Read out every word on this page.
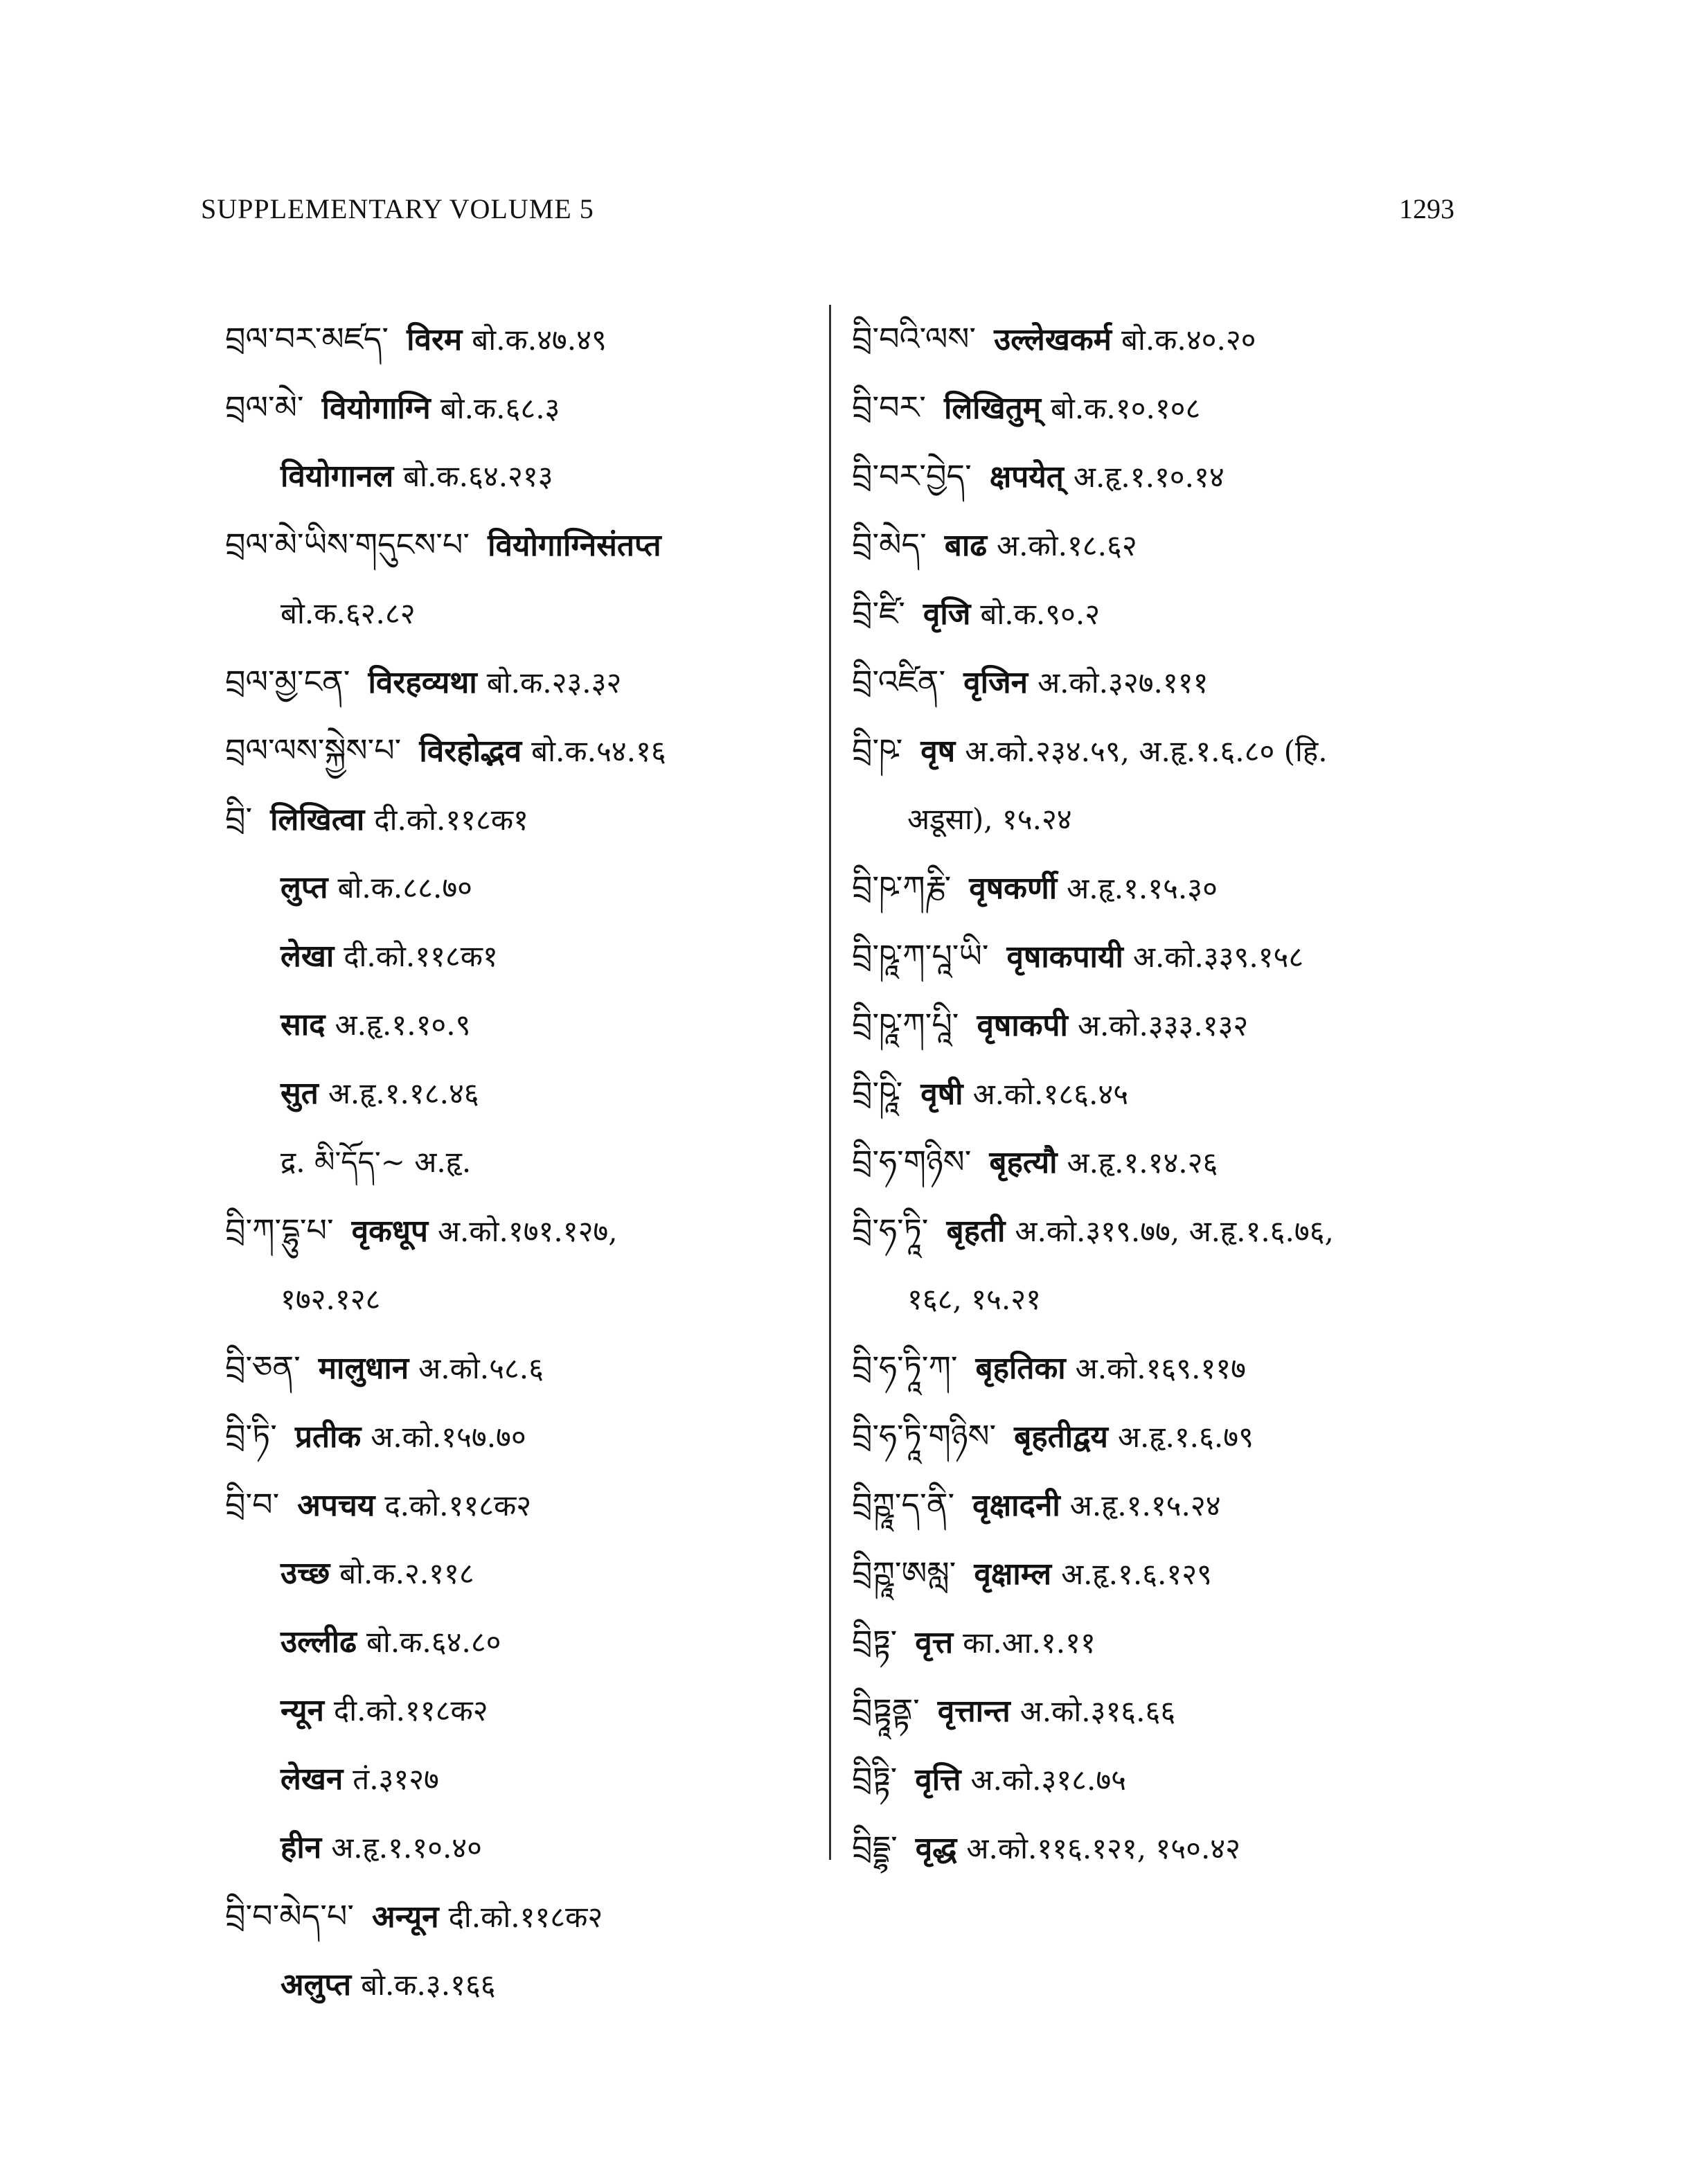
SUPPLEMENTARY VOLUME 5	1293
བྲལ་བར་མཛད་ विरम बो.क.४७.४९
བྲལ་མེ་ वियोगाग्नि बो.क.६८.३
वियोगानल बो.क.६४.२१३
བྲལ་མེ་ཡིས་གདུངས་པ་ वियोगाग्निसंतप्त
बो.क.६२.८२
བྲལ་མྱ་ངན་ विरहव्यथा बो.क.२३.३२
བྲལ་ལས་སྐྱེས་པ་ विरहोद्भव बो.क.५४.१६
བྲི་ लिखित्वा दी.को.११८क१
लुप्त बो.क.८८.७०
लेखा दी.को.११८क१
साद अ.हृ.१.१०.९
सुत अ.हृ.१.१८.४६
द्र. མི་དོད་~ अ.हृ.
བྲི་ཀ་དྷུ་པ་ वृकधूप अ.को.१७१.१२७,
१७२.१२८
བྲི་ཅན་ मालुधान अ.को.५८.६
བྲི་ཏི་ प्रतीक अ.को.१५७.७०
བྲི་བ་ अपचय द.को.११८क२
उच्छ बो.क.२.११८
उल्लीढ बो.क.६४.८०
न्यून दी.को.११८क२
लेखन तं.३१२७
हीन अ.हृ.१.१०.४०
བྲི་བ་མེད་པ་ अन्यून दी.को.११८क२
अलुप्त बो.क.३.१६६
བྲི་བའི་ལས་ उल्लेखकर्म बो.क.४०.२०
བྲི་བར་ लिखितुम् बो.क.१०.१०८
བྲི་བར་བྱེད་ क्षपयेत् अ.हृ.१.१०.१४
བྲི་མེད་ बाढ अ.को.१८.६२
བྲི་ཛི་ वृजि बो.क.९०.२
བྲི་འཛིན་ वृजिन अ.को.३२७.१११
བྲི་ཥ་ वृष अ.को.२३४.५९, अ.हृ.१.६.८० (हि.
अडूसा), १५.२४
བྲི་ཥ་ཀརྞི་ वृषकर्णी अ.हृ.१.१५.३०
བྲི་ཥཱ་ཀ་པཱ་ཡི་ वृषाकपायी अ.को.३३९.१५८
བྲི་ཥཱ་ཀ་པཱི་ वृषाकपी अ.को.३३३.१३२
བྲི་ཥཱི་ वृषी अ.को.१८६.४५
བྲི་ཧ་གཉིས་ बृहत्यौ अ.हृ.१.१४.२६
བྲི་ཧ་ཏཱི་ बृहती अ.को.३१९.७७, अ.हृ.१.६.७६,
१६८, १५.२१
བྲི་ཧ་ཏཱི་ཀ་ बृहतिका अ.को.१६९.११७
བྲི་ཧ་ཏཱི་གཉིས་ बृहतीद्वय अ.हृ.१.६.७९
བྲིཀྵཱ་ད་ནི་ वृक्षादनी अ.हृ.१.१५.२४
བྲིཀྵཱ་ཨམླ་ वृक्षाम्ल अ.हृ.१.६.१२९
བྲིཏྟ་ वृत्त का.आ.१.११
བྲིཏྟཱནྟ་ वृत्तान्त अ.को.३१६.६६
བྲིཏྟི་ वृत्ति अ.को.३१८.७५
བྲིདྡྷ་ वृद्ध अ.को.११६.१२१, १५०.४२
